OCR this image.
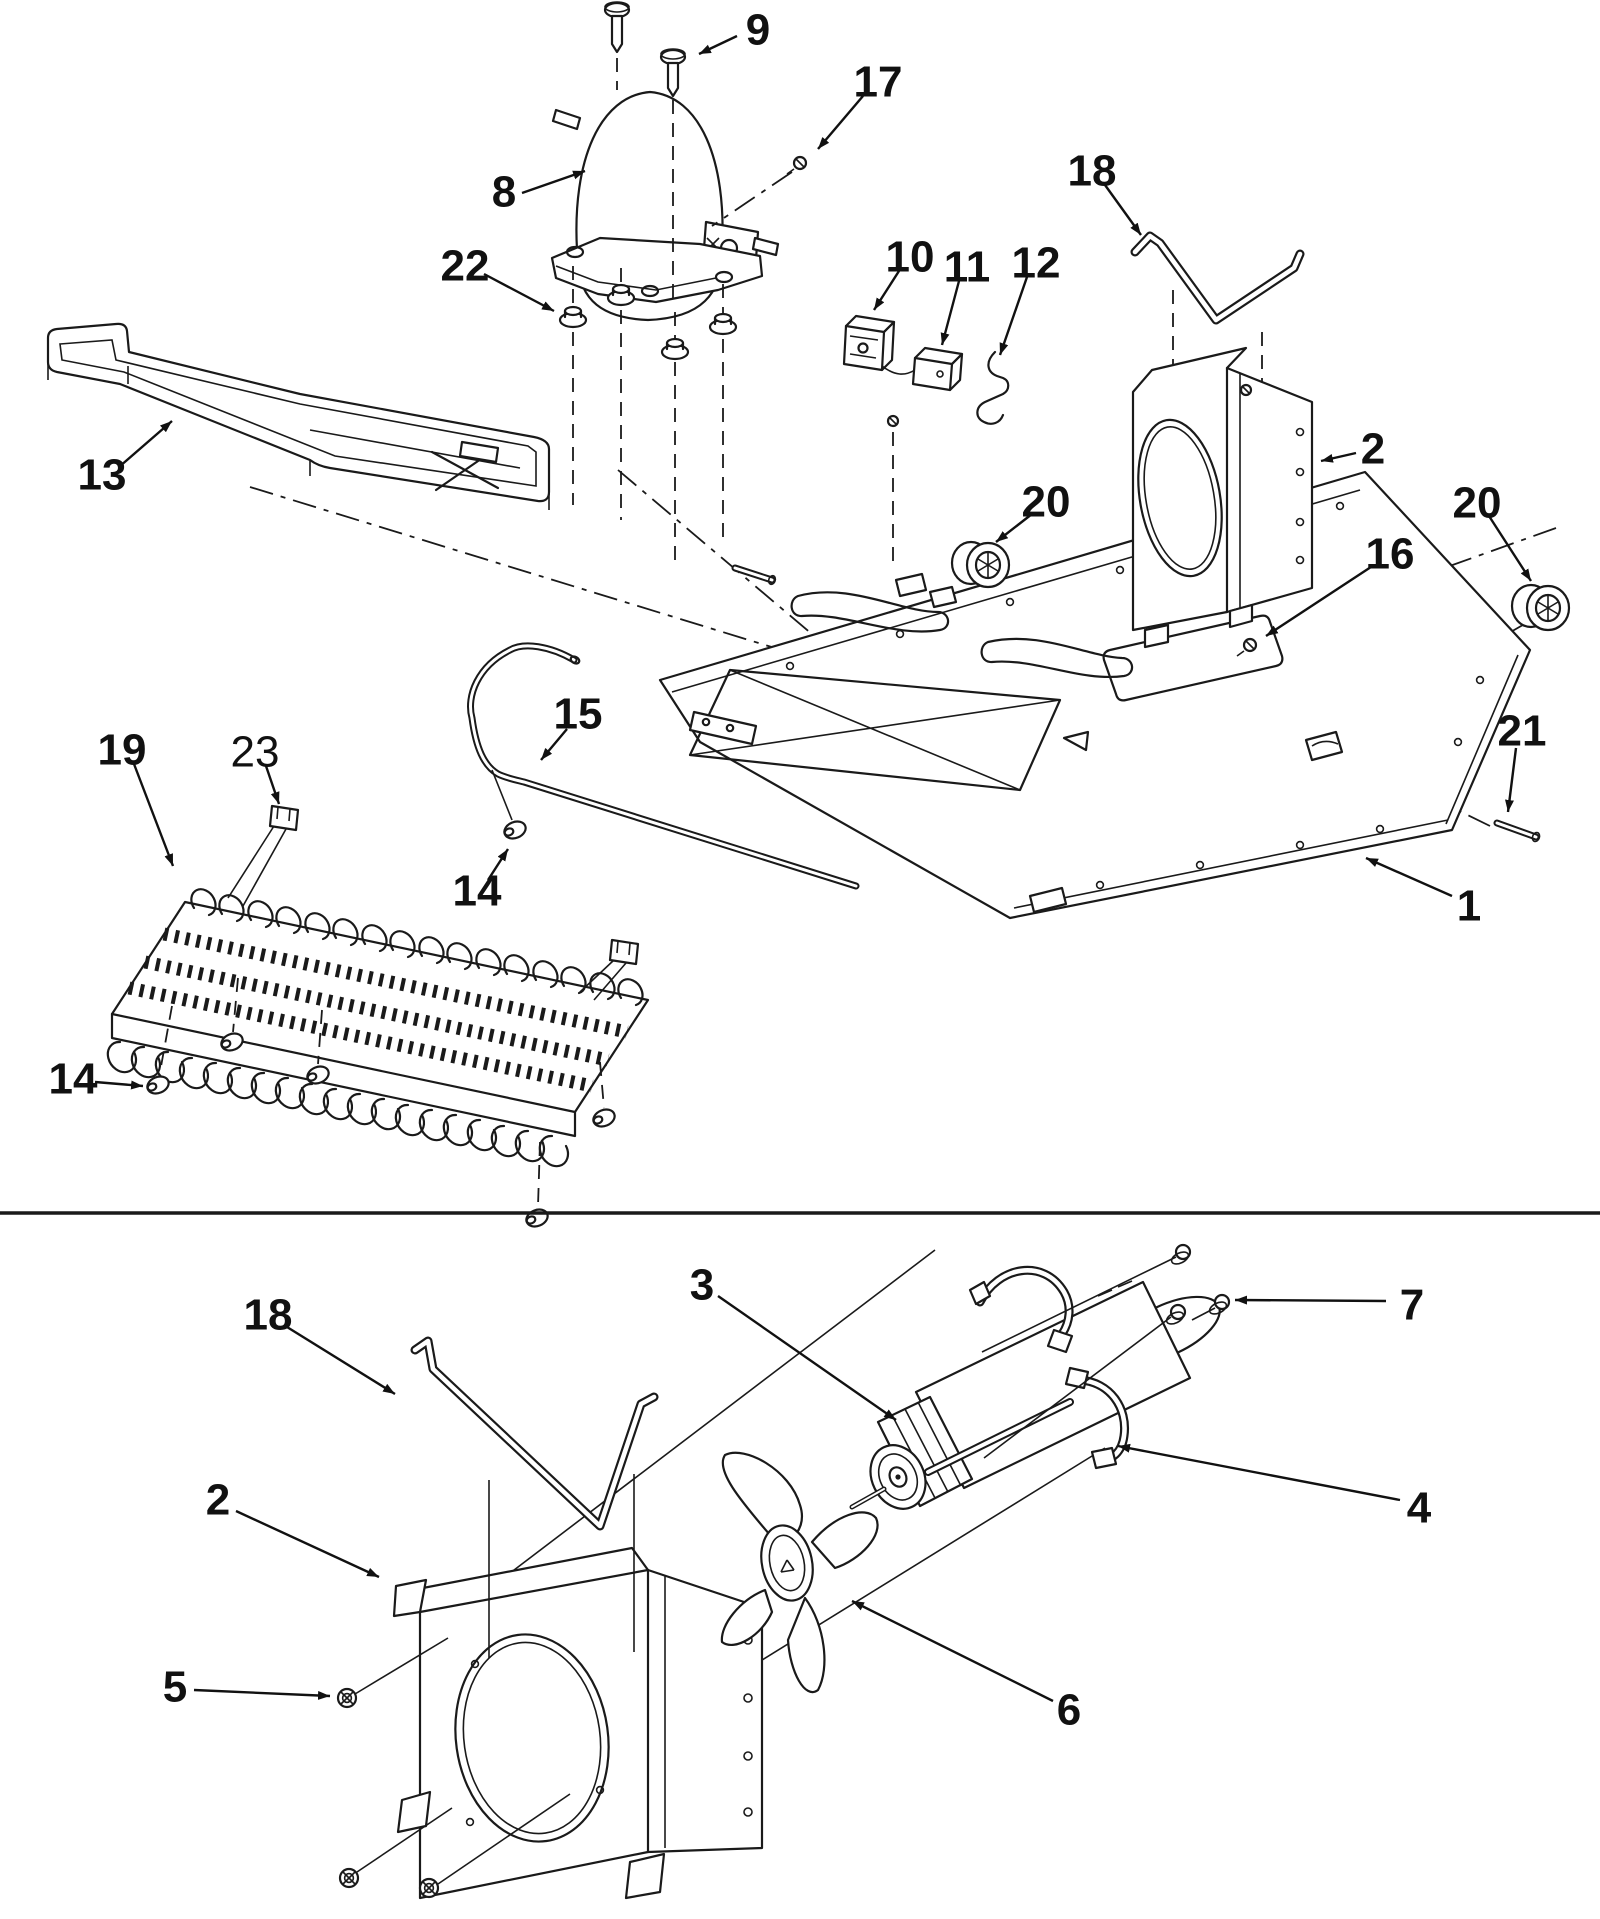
9
17
8
22	10 11 12
18
2
20	20
16
21
1
13
19 23
15
14
14
18
2
5
3	7
4
6
